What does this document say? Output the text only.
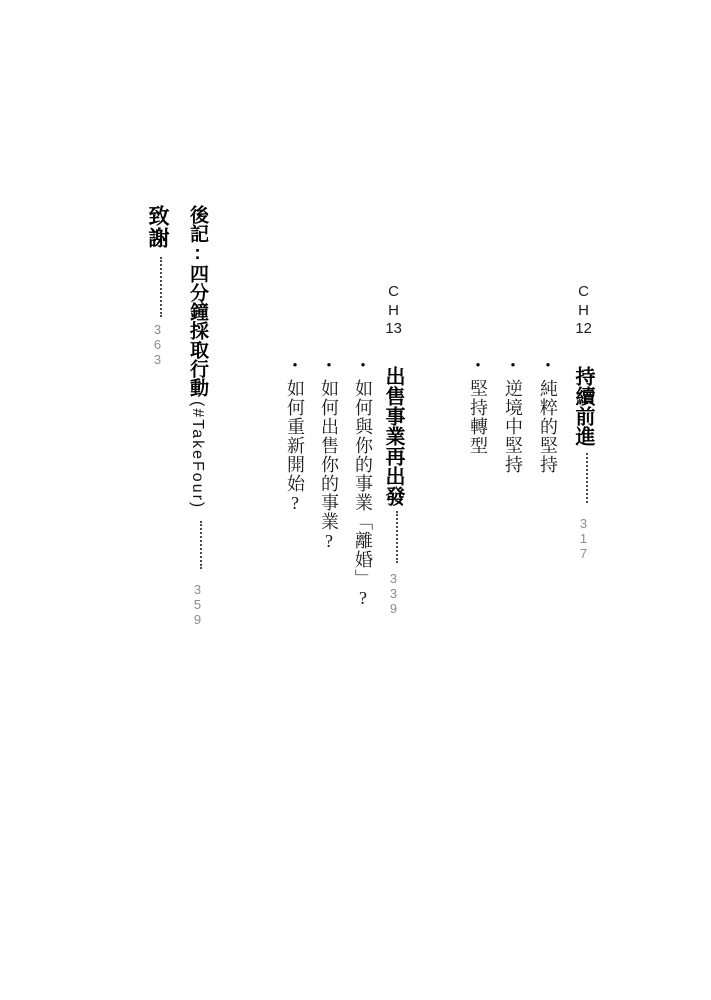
CH12持續前進317
•純粹的堅持
•逆境中堅持
•堅持轉型
CH13出售事業再出發339
•如何與你的事業「離婚」?
•如何出售你的事業?
•如何重新開始?
後記:四分鐘採取行動(#TakeFour)359
致謝363
